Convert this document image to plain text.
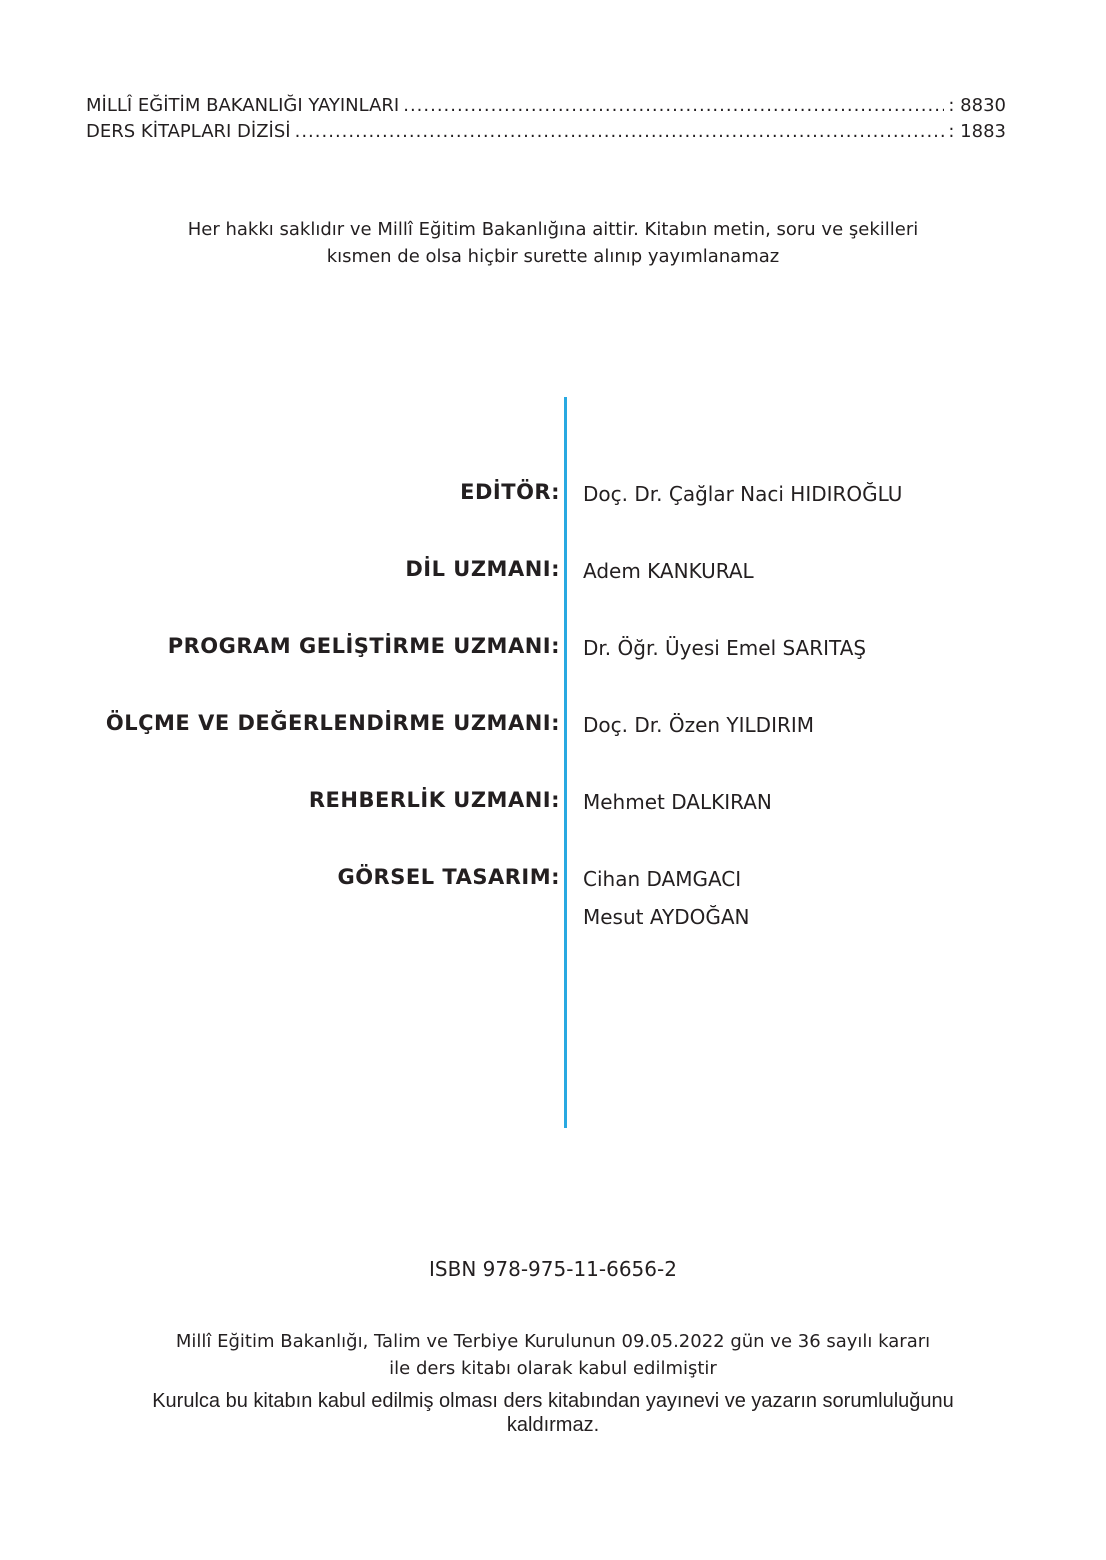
MİLLÎ EĞİTİM BAKANLIĞI YAYINLARI .....	: 8830
DERS KİTAPLARI DİZİSİ .....	: 1883

Her hakkı saklıdır ve Millî Eğitim Bakanlığına aittir. Kitabın metin, soru ve şekilleri

kısmen de olsa hiçbir surette alınıp yayımlanamaz

EDİTÖR: Doç. Dr. Çağlar Naci HIDIROĞLU
DİL UZMANI: Adem KANKURAL
PROGRAM GELİŞTİRME UZMANI: Dr. Öğr. Üyesi Emel SARITAŞ
ÖLÇME VE DEĞERLENDİRME UZMANI: Doç. Dr. Özen YILDIRIM
REHBERLİK UZMANI: Mehmet DALKIRAN
GÖRSEL TASARIM: Cihan DAMGACI
Mesut AYDOĞAN
ISBN 978-975-11-6656-2

Millî Eğitim Bakanlığı, Talim ve Terbiye Kurulunun 09.05.2022 gün ve 36 sayılı kararı

ile ders kitabı olarak kabul edilmiştir

Kurulca bu kitabın kabul edilmiş olması ders kitabından yayınevi ve yazarın sorumluluğunu kaldırmaz.
